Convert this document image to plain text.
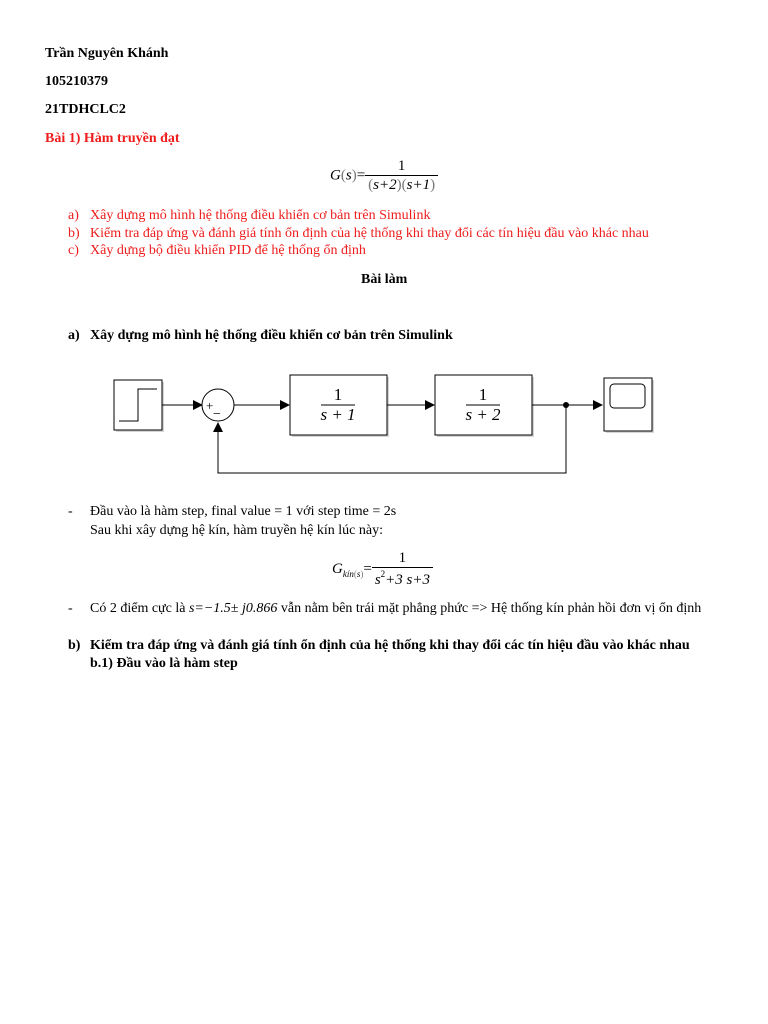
Trần Nguyên Khánh
105210379
21TDHCLC2
Bài 1) Hàm truyền đạt
$G(s)= \frac{1}{(s+2)(s+1)}$
a) Xây dựng mô hình hệ thống điều khiển cơ bản trên Simulink
b) Kiểm tra đáp ứng và đánh giá tính ổn định của hệ thống khi thay đổi các tín hiệu đầu vào khác nhau
c) Xây dựng bộ điều khiển PID để hệ thống ổn định
Bài làm
a) Xây dựng mô hình hệ thống điều khiển cơ bản trên Simulink
+
−
1
s + 1
1
s + 2
- Đầu vào là hàm step, final value = 1 với step time = 2s
Sau khi xây dựng hệ kín, hàm truyền hệ kín lúc này:
$G_{kín(s)}= \frac{1}{s^2+3 s+3}$
- Có 2 điểm cực là s=−1.5± j0.866 vẫn nằm bên trái mặt phẳng phức => Hệ thống kín phản hồi đơn vị ổn định
b) Kiểm tra đáp ứng và đánh giá tính ổn định của hệ thống khi thay đổi các tín hiệu đầu vào khác nhau
b.1) Đầu vào là hàm step
